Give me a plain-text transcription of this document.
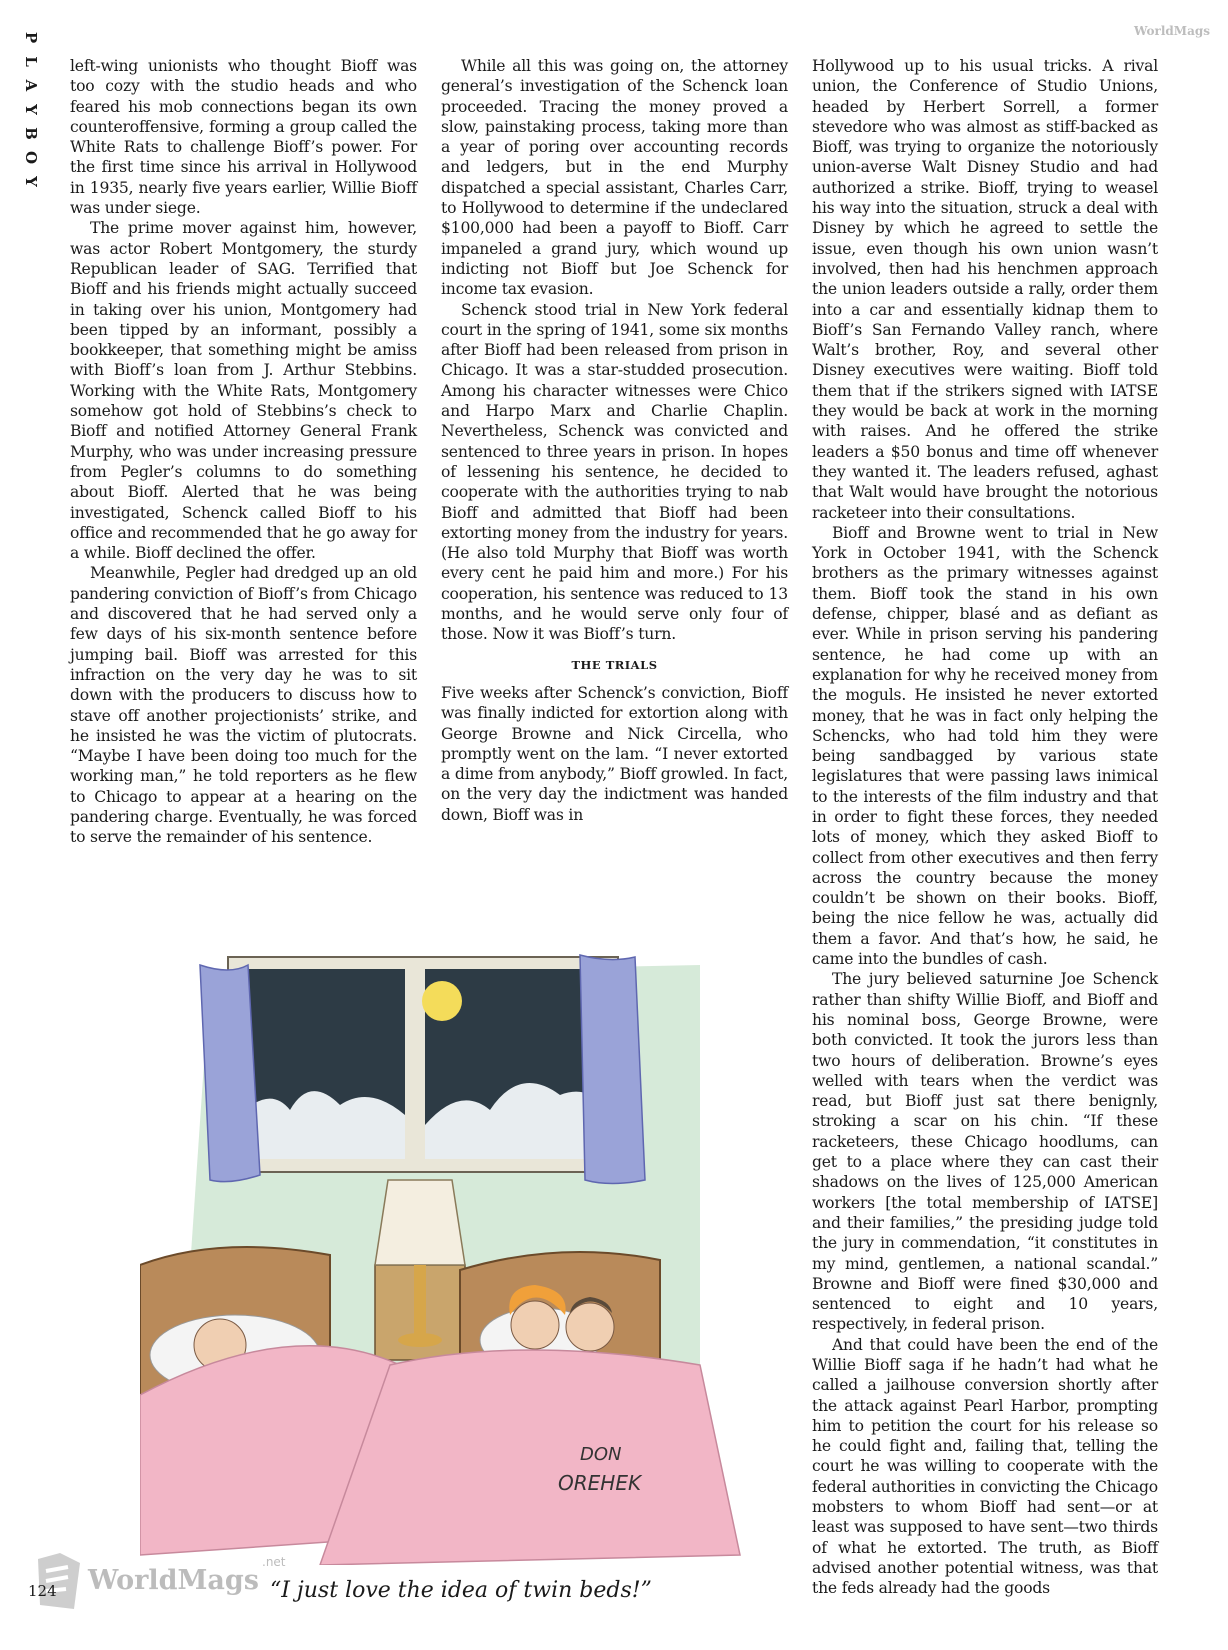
P
L
A
Y
B
O
Y
WorldMags

left-wing unionists who thought Bioff was too cozy with the studio heads and who feared his mob connections began its own counteroffensive, forming a group called the White Rats to challenge Bioff’s power. For the first time since his arrival in Hollywood in 1935, nearly five years earlier, Willie Bioff was under siege.

The prime mover against him, however, was actor Robert Montgomery, the sturdy Republican leader of SAG. Terrified that Bioff and his friends might actually succeed in taking over his union, Montgomery had been tipped by an informant, possibly a bookkeeper, that something might be amiss with Bioff’s loan from J. Arthur Stebbins. Working with the White Rats, Montgomery somehow got hold of Stebbins’s check to Bioff and notified Attorney General Frank Murphy, who was under increasing pressure from Pegler’s columns to do something about Bioff. Alerted that he was being investigated, Schenck called Bioff to his office and recommended that he go away for a while. Bioff declined the offer.

Meanwhile, Pegler had dredged up an old pandering conviction of Bioff’s from Chicago and discovered that he had served only a few days of his six-month sentence before jumping bail. Bioff was arrested for this infraction on the very day he was to sit down with the producers to discuss how to stave off another projectionists’ strike, and he insisted he was the victim of plutocrats. “Maybe I have been doing too much for the working man,” he told reporters as he flew to Chicago to appear at a hearing on the pandering charge. Eventually, he was forced to serve the remainder of his sentence.

While all this was going on, the attorney general’s investigation of the Schenck loan proceeded. Tracing the money proved a slow, painstaking process, taking more than a year of poring over accounting records and ledgers, but in the end Murphy dispatched a special assistant, Charles Carr, to Hollywood to determine if the undeclared $100,000 had been a payoff to Bioff. Carr impaneled a grand jury, which wound up indicting not Bioff but Joe Schenck for income tax evasion.

Schenck stood trial in New York federal court in the spring of 1941, some six months after Bioff had been released from prison in Chicago. It was a star-studded prosecution. Among his character witnesses were Chico and Harpo Marx and Charlie Chaplin. Nevertheless, Schenck was convicted and sentenced to three years in prison. In hopes of lessening his sentence, he decided to cooperate with the authorities trying to nab Bioff and admitted that Bioff had been extorting money from the industry for years. (He also told Murphy that Bioff was worth every cent he paid him and more.) For his cooperation, his sentence was reduced to 13 months, and he would serve only four of those. Now it was Bioff’s turn.

THE TRIALS

Five weeks after Schenck’s conviction, Bioff was finally indicted for extortion along with George Browne and Nick Circella, who promptly went on the lam. “I never extorted a dime from anybody,” Bioff growled. In fact, on the very day the indictment was handed down, Bioff was in

Hollywood up to his usual tricks. A rival union, the Conference of Studio Unions, headed by Herbert Sorrell, a former stevedore who was almost as stiff-backed as Bioff, was trying to organize the notoriously union-averse Walt Disney Studio and had authorized a strike. Bioff, trying to weasel his way into the situation, struck a deal with Disney by which he agreed to settle the issue, even though his own union wasn’t involved, then had his henchmen approach the union leaders outside a rally, order them into a car and essentially kidnap them to Bioff’s San Fernando Valley ranch, where Walt’s brother, Roy, and several other Disney executives were waiting. Bioff told them that if the strikers signed with IATSE they would be back at work in the morning with raises. And he offered the strike leaders a $50 bonus and time off whenever they wanted it. The leaders refused, aghast that Walt would have brought the notorious racketeer into their consultations.

Bioff and Browne went to trial in New York in October 1941, with the Schenck brothers as the primary witnesses against them. Bioff took the stand in his own defense, chipper, blasé and as defiant as ever. While in prison serving his pandering sentence, he had come up with an explanation for why he received money from the moguls. He insisted he never extorted money, that he was in fact only helping the Schencks, who had told him they were being sandbagged by various state legislatures that were passing laws inimical to the interests of the film industry and that in order to fight these forces, they needed lots of money, which they asked Bioff to collect from other executives and then ferry across the country because the money couldn’t be shown on their books. Bioff, being the nice fellow he was, actually did them a favor. And that’s how, he said, he came into the bundles of cash.

The jury believed saturnine Joe Schenck rather than shifty Willie Bioff, and Bioff and his nominal boss, George Browne, were both convicted. It took the jurors less than two hours of deliberation. Browne’s eyes welled with tears when the verdict was read, but Bioff just sat there benignly, stroking a scar on his chin. “If these racketeers, these Chicago hoodlums, can get to a place where they can cast their shadows on the lives of 125,000 American workers [the total membership of IATSE] and their families,” the presiding judge told the jury in commendation, “it constitutes in my mind, gentlemen, a national scandal.” Browne and Bioff were fined $30,000 and sentenced to eight and 10 years, respectively, in federal prison.

And that could have been the end of the Willie Bioff saga if he hadn’t had what he called a jailhouse conversion shortly after the attack against Pearl Harbor, prompting him to petition the court for his release so he could fight and, failing that, telling the court he was willing to cooperate with the federal authorities in convicting the Chicago mobsters to whom Bioff had sent—or at least was supposed to have sent—two thirds of what he extorted. The truth, as Bioff advised another potential witness, was that the feds already had the goods

DON
OREHEK
“I just love the idea of twin beds!”
WorldMags
.net
124
